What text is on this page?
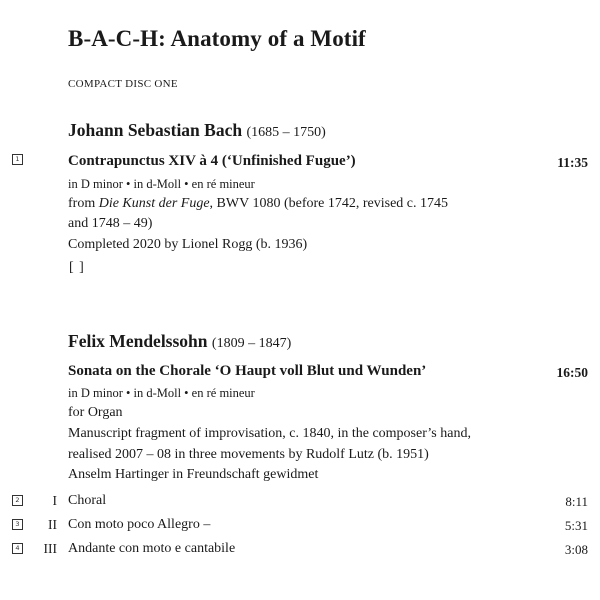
B-A-C-H: Anatomy of a Motif
COMPACT DISC ONE
Johann Sebastian Bach (1685 – 1750)
1	Contrapunctus XIV à 4 (‘Unfinished Fugue’)	11:35
in D minor • in d-Moll • en ré mineur
from Die Kunst der Fuge, BWV 1080 (before 1742, revised c. 1745
and 1748 – 49)
Completed 2020 by Lionel Rogg (b. 1936)
[ ]
Felix Mendelssohn (1809 – 1847)
Sonata on the Chorale ‘O Haupt voll Blut und Wunden’	16:50
in D minor • in d-Moll • en ré mineur
for Organ
Manuscript fragment of improvisation, c. 1840, in the composer’s hand,
realised 2007 – 08 in three movements by Rudolf Lutz (b. 1951)
Anselm Hartinger in Freundschaft gewidmet
2	I Choral	8:11
3	II Con moto poco Allegro –	5:31
4	III Andante con moto e cantabile	3:08
